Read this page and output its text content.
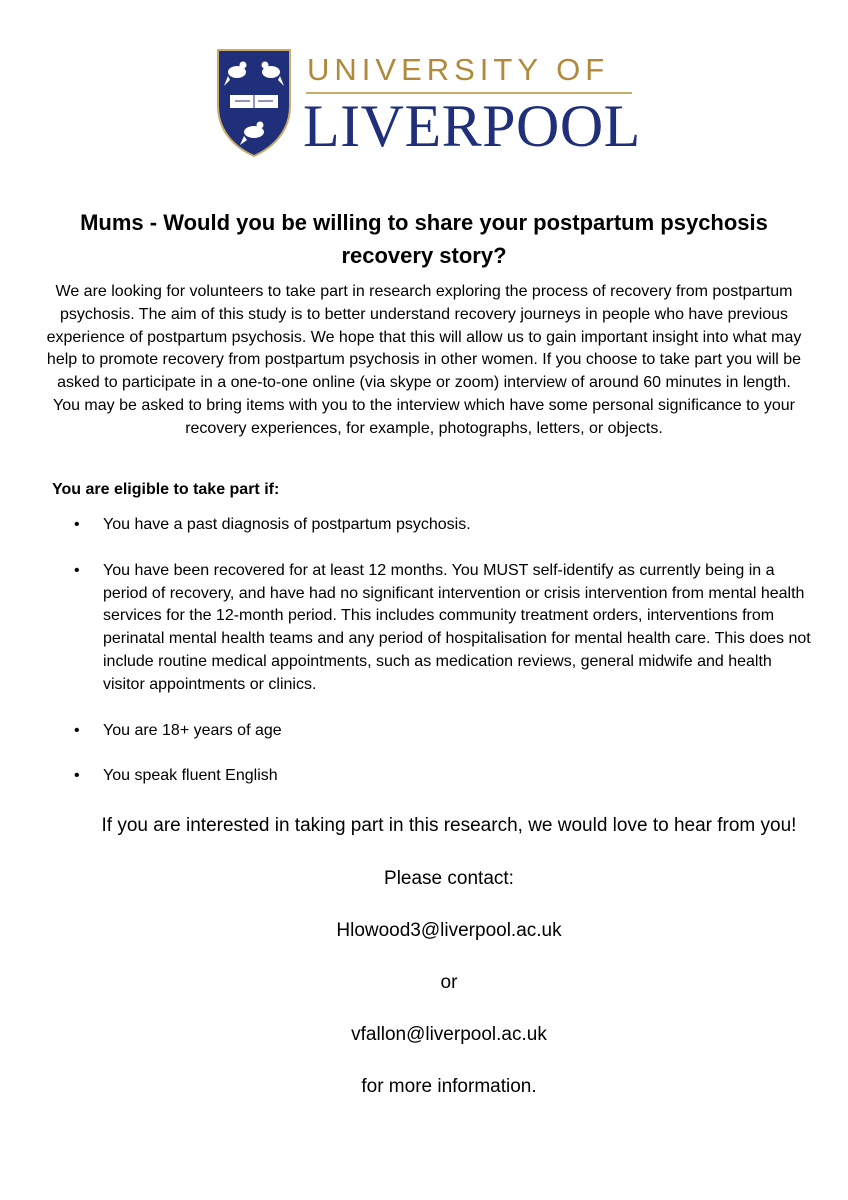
UNIVERSITY OF
LIVERPOOL
Mums - Would you be willing to share your postpartum psychosis recovery story?

We are looking for volunteers to take part in research exploring the process of recovery from postpartum psychosis. The aim of this study is to better understand recovery journeys in people who have previous experience of postpartum psychosis. We hope that this will allow us to gain important insight into what may help to promote recovery from postpartum psychosis in other women. If you choose to take part you will be asked to participate in a one-to-one online (via skype or zoom) interview of around 60 minutes in length. You may be asked to bring items with you to the interview which have some personal significance to your recovery experiences, for example, photographs, letters, or objects.

You are eligible to take part if:

• You have a past diagnosis of postpartum psychosis.
• You have been recovered for at least 12 months. You MUST self-identify as currently being in a period of recovery, and have had no significant intervention or crisis intervention from mental health services for the 12-month period. This includes community treatment orders, interventions from perinatal mental health teams and any period of hospitalisation for mental health care. This does not include routine medical appointments, such as medication reviews, general midwife and health visitor appointments or clinics.
• You are 18+ years of age
• You speak fluent English

If you are interested in taking part in this research, we would love to hear from you!

Please contact:

Hlowood3@liverpool.ac.uk

or

vfallon@liverpool.ac.uk

for more information.
